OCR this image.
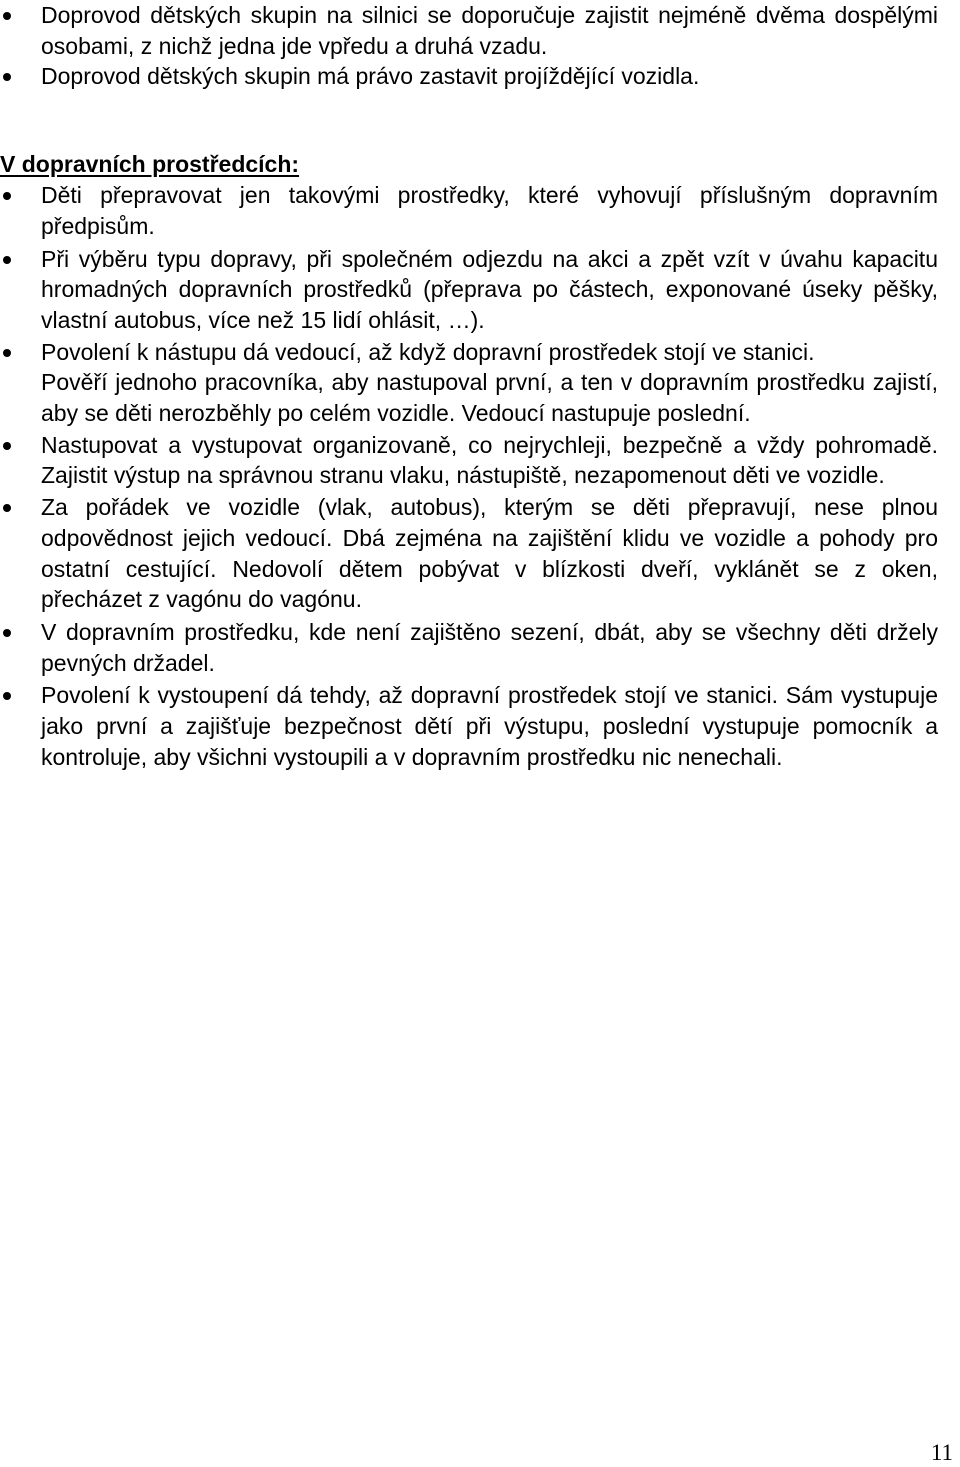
Doprovod dětských skupin na silnici se doporučuje zajistit nejméně dvěma dospělými osobami, z nichž jedna jde vpředu a druhá vzadu.
Doprovod dětských skupin má právo zastavit projíždějící vozidla.
V dopravních prostředcích:
Děti přepravovat jen takovými prostředky, které vyhovují příslušným dopravním předpisům.
Při výběru typu dopravy, při společném odjezdu na akci a zpět vzít v úvahu kapacitu hromadných dopravních prostředků (přeprava po částech, exponované úseky pěšky, vlastní autobus, více než 15 lidí ohlásit, …).
Povolení k nástupu dá vedoucí, až když dopravní prostředek stojí ve stanici.
Pověří jednoho pracovníka, aby nastupoval první, a ten v dopravním prostředku zajistí, aby se děti nerozběhly po celém vozidle. Vedoucí nastupuje poslední.
Nastupovat a vystupovat organizovaně, co nejrychleji, bezpečně a vždy pohromadě. Zajistit výstup na správnou stranu vlaku, nástupiště, nezapomenout děti ve vozidle.
Za pořádek ve vozidle (vlak, autobus), kterým se děti přepravují, nese plnou odpovědnost jejich vedoucí. Dbá zejména na zajištění klidu ve vozidle a pohody pro ostatní cestující. Nedovolí dětem pobývat v blízkosti dveří, vyklánět se z oken, přecházet z vagónu do vagónu.
V dopravním prostředku, kde není zajištěno sezení, dbát, aby se všechny děti držely pevných držadel.
Povolení k vystoupení dá tehdy, až dopravní prostředek stojí ve stanici. Sám vystupuje jako první a zajišťuje bezpečnost dětí při výstupu, poslední vystupuje pomocník a kontroluje, aby všichni vystoupili a v dopravním prostředku nic nenechali.
11
